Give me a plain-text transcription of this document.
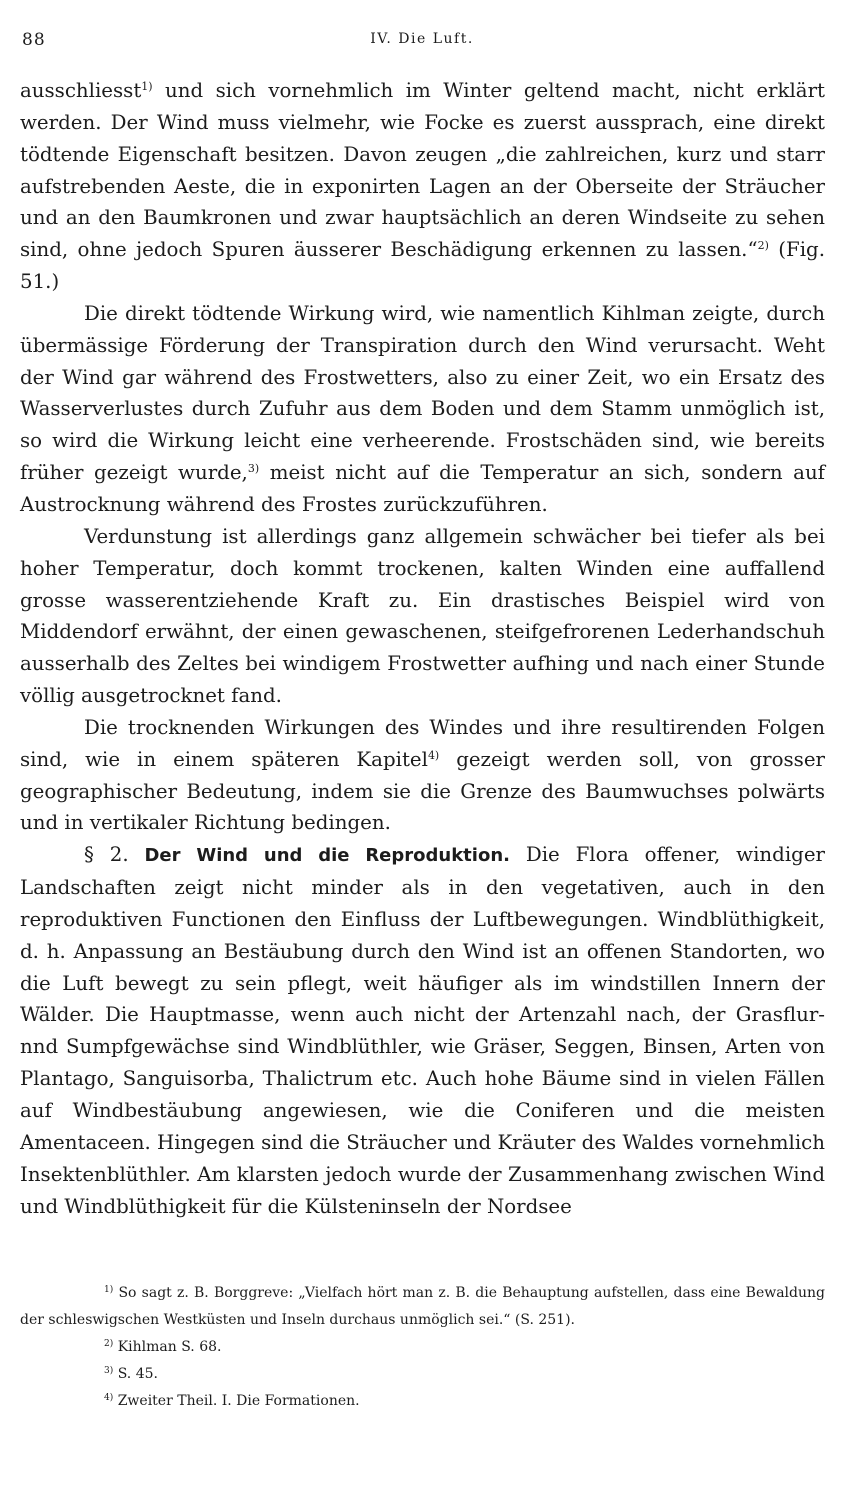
88	IV. Die Luft.

ausschliesst$^{1)}$ und sich vornehmlich im Winter geltend macht, nicht erklärt werden. Der Wind muss vielmehr, wie Focke es zuerst aussprach, eine direkt tödtende Eigenschaft besitzen. Davon zeugen „die zahlreichen, kurz und starr aufstrebenden Aeste, die in exponirten Lagen an der Oberseite der Sträucher und an den Baumkronen und zwar hauptsächlich an deren Windseite zu sehen sind, ohne jedoch Spuren äusserer Beschädigung erkennen zu lassen.“$^{2)}$ (Fig. 51.)

Die direkt tödtende Wirkung wird, wie namentlich Kihlman zeigte, durch übermässige Förderung der Transpiration durch den Wind verursacht. Weht der Wind gar während des Frostwetters, also zu einer Zeit, wo ein Ersatz des Wasserverlustes durch Zufuhr aus dem Boden und dem Stamm unmöglich ist, so wird die Wirkung leicht eine verheerende. Frostschäden sind, wie bereits früher gezeigt wurde,$^{3)}$ meist nicht auf die Temperatur an sich, sondern auf Austrocknung während des Frostes zurückzuführen.

Verdunstung ist allerdings ganz allgemein schwächer bei tiefer als bei hoher Temperatur, doch kommt trockenen, kalten Winden eine auffallend grosse wasserentziehende Kraft zu. Ein drastisches Beispiel wird von Middendorf erwähnt, der einen gewaschenen, steifgefrorenen Lederhandschuh ausserhalb des Zeltes bei windigem Frostwetter aufhing und nach einer Stunde völlig ausgetrocknet fand.

Die trocknenden Wirkungen des Windes und ihre resultirenden Folgen sind, wie in einem späteren Kapitel$^{4)}$ gezeigt werden soll, von grosser geographischer Bedeutung, indem sie die Grenze des Baumwuchses polwärts und in vertikaler Richtung bedingen.

§ 2. Der Wind und die Reproduktion. Die Flora offener, windiger Landschaften zeigt nicht minder als in den vegetativen, auch in den reproduktiven Functionen den Einfluss der Luftbewegungen. Windblüthigkeit, d. h. Anpassung an Bestäubung durch den Wind ist an offenen Standorten, wo die Luft bewegt zu sein pflegt, weit häufiger als im windstillen Innern der Wälder. Die Hauptmasse, wenn auch nicht der Artenzahl nach, der Grasflur- nnd Sumpfgewächse sind Windblüthler, wie Gräser, Seggen, Binsen, Arten von Plantago, Sanguisorba, Thalictrum etc. Auch hohe Bäume sind in vielen Fällen auf Windbestäubung angewiesen, wie die Coniferen und die meisten Amentaceen. Hingegen sind die Sträucher und Kräuter des Waldes vornehmlich Insektenblüthler. Am klarsten jedoch wurde der Zusammenhang zwischen Wind und Windblüthigkeit für die Külsteninseln der Nordsee

$^{1)}$ So sagt z. B. Borggreve: „Vielfach hört man z. B. die Behauptung aufstellen, dass eine Bewaldung der schleswigschen Westküsten und Inseln durchaus unmöglich sei.“ (S. 251).

$^{2)}$ Kihlman S. 68.

$^{3)}$ S. 45.

$^{4)}$ Zweiter Theil. I. Die Formationen.
